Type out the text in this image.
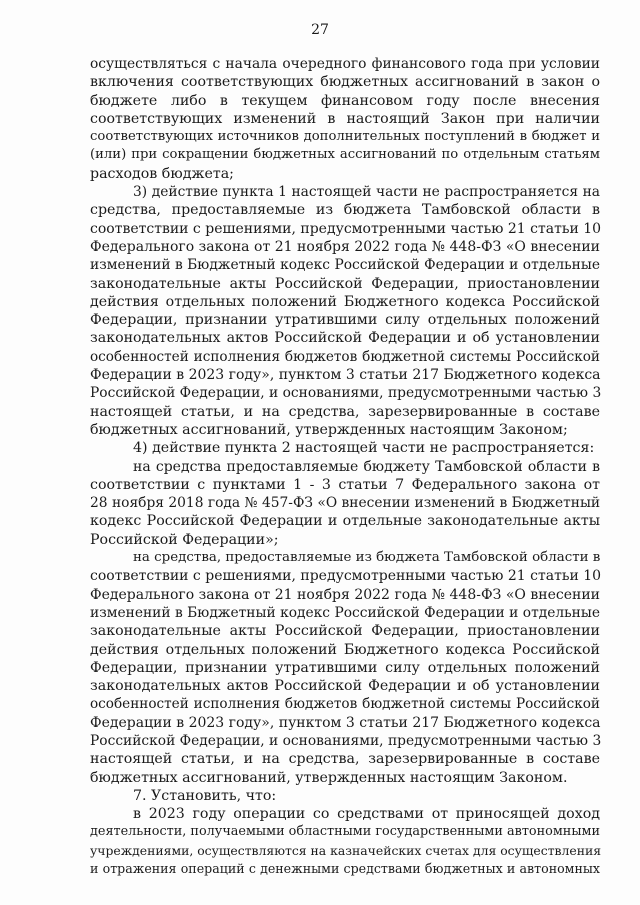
27
осуществляться с начала очередного финансового года при условии
включения соответствующих бюджетных ассигнований в закон о
бюджете либо в текущем финансовом году после внесения
соответствующих изменений в настоящий Закон при наличии
соответствующих источников дополнительных поступлений в бюджет и
(или) при сокращении бюджетных ассигнований по отдельным статьям
расходов бюджета;
3) действие пункта 1 настоящей части не распространяется на
средства, предоставляемые из бюджета Тамбовской области в
соответствии с решениями, предусмотренными частью 21 статьи 10
Федерального закона от 21 ноября 2022 года № 448-ФЗ «О внесении
изменений в Бюджетный кодекс Российской Федерации и отдельные
законодательные акты Российской Федерации, приостановлении
действия отдельных положений Бюджетного кодекса Российской
Федерации, признании утратившими силу отдельных положений
законодательных актов Российской Федерации и об установлении
особенностей исполнения бюджетов бюджетной системы Российской
Федерации в 2023 году», пунктом 3 статьи 217 Бюджетного кодекса
Российской Федерации, и основаниями, предусмотренными частью 3
настоящей статьи, и на средства, зарезервированные в составе
бюджетных ассигнований, утвержденных настоящим Законом;
4) действие пункта 2 настоящей части не распространяется:
на средства предоставляемые бюджету Тамбовской области в
соответствии с пунктами 1 - 3 статьи 7 Федерального закона от
28 ноября 2018 года № 457-ФЗ «О внесении изменений в Бюджетный
кодекс Российской Федерации и отдельные законодательные акты
Российской Федерации»;
на средства, предоставляемые из бюджета Тамбовской области в
соответствии с решениями, предусмотренными частью 21 статьи 10
Федерального закона от 21 ноября 2022 года № 448-ФЗ «О внесении
изменений в Бюджетный кодекс Российской Федерации и отдельные
законодательные акты Российской Федерации, приостановлении
действия отдельных положений Бюджетного кодекса Российской
Федерации, признании утратившими силу отдельных положений
законодательных актов Российской Федерации и об установлении
особенностей исполнения бюджетов бюджетной системы Российской
Федерации в 2023 году», пунктом 3 статьи 217 Бюджетного кодекса
Российской Федерации, и основаниями, предусмотренными частью 3
настоящей статьи, и на средства, зарезервированные в составе
бюджетных ассигнований, утвержденных настоящим Законом.
7. Установить, что:
в 2023 году операции со средствами от приносящей доход
деятельности, получаемыми областными государственными автономными
учреждениями, осуществляются на казначейских счетах для осуществления
и отражения операций с денежными средствами бюджетных и автономных
